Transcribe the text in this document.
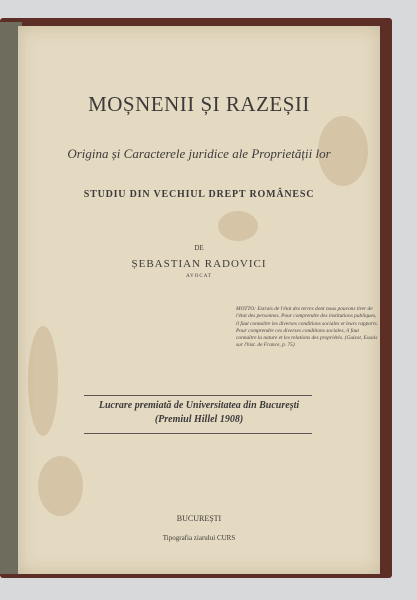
MOȘNENII ȘI RAZEȘII
Origina și Caracterele juridice ale Proprietății lor
STUDIU DIN VECHIUL DREPT ROMÂNESC
DE
ȘEBASTIAN RADOVICI
AVOCAT
MOTTO: Extrais de l'état des terres dont nous pouvons tirer de l'état des personnes. Pour comprendre des institutions publiques, il faut connaître les diverses conditions sociales et leurs rapports. Pour comprendre ces diverses conditions sociales, il faut connaître la nature et les relations des propriétés. (Guizot, Essais sur l'hist. de France, p. 75)
Lucrare premiată de Universitatea din București
(Premiul Hillel 1908)
BUCUREȘTI
Tipografia ziarului CURS
